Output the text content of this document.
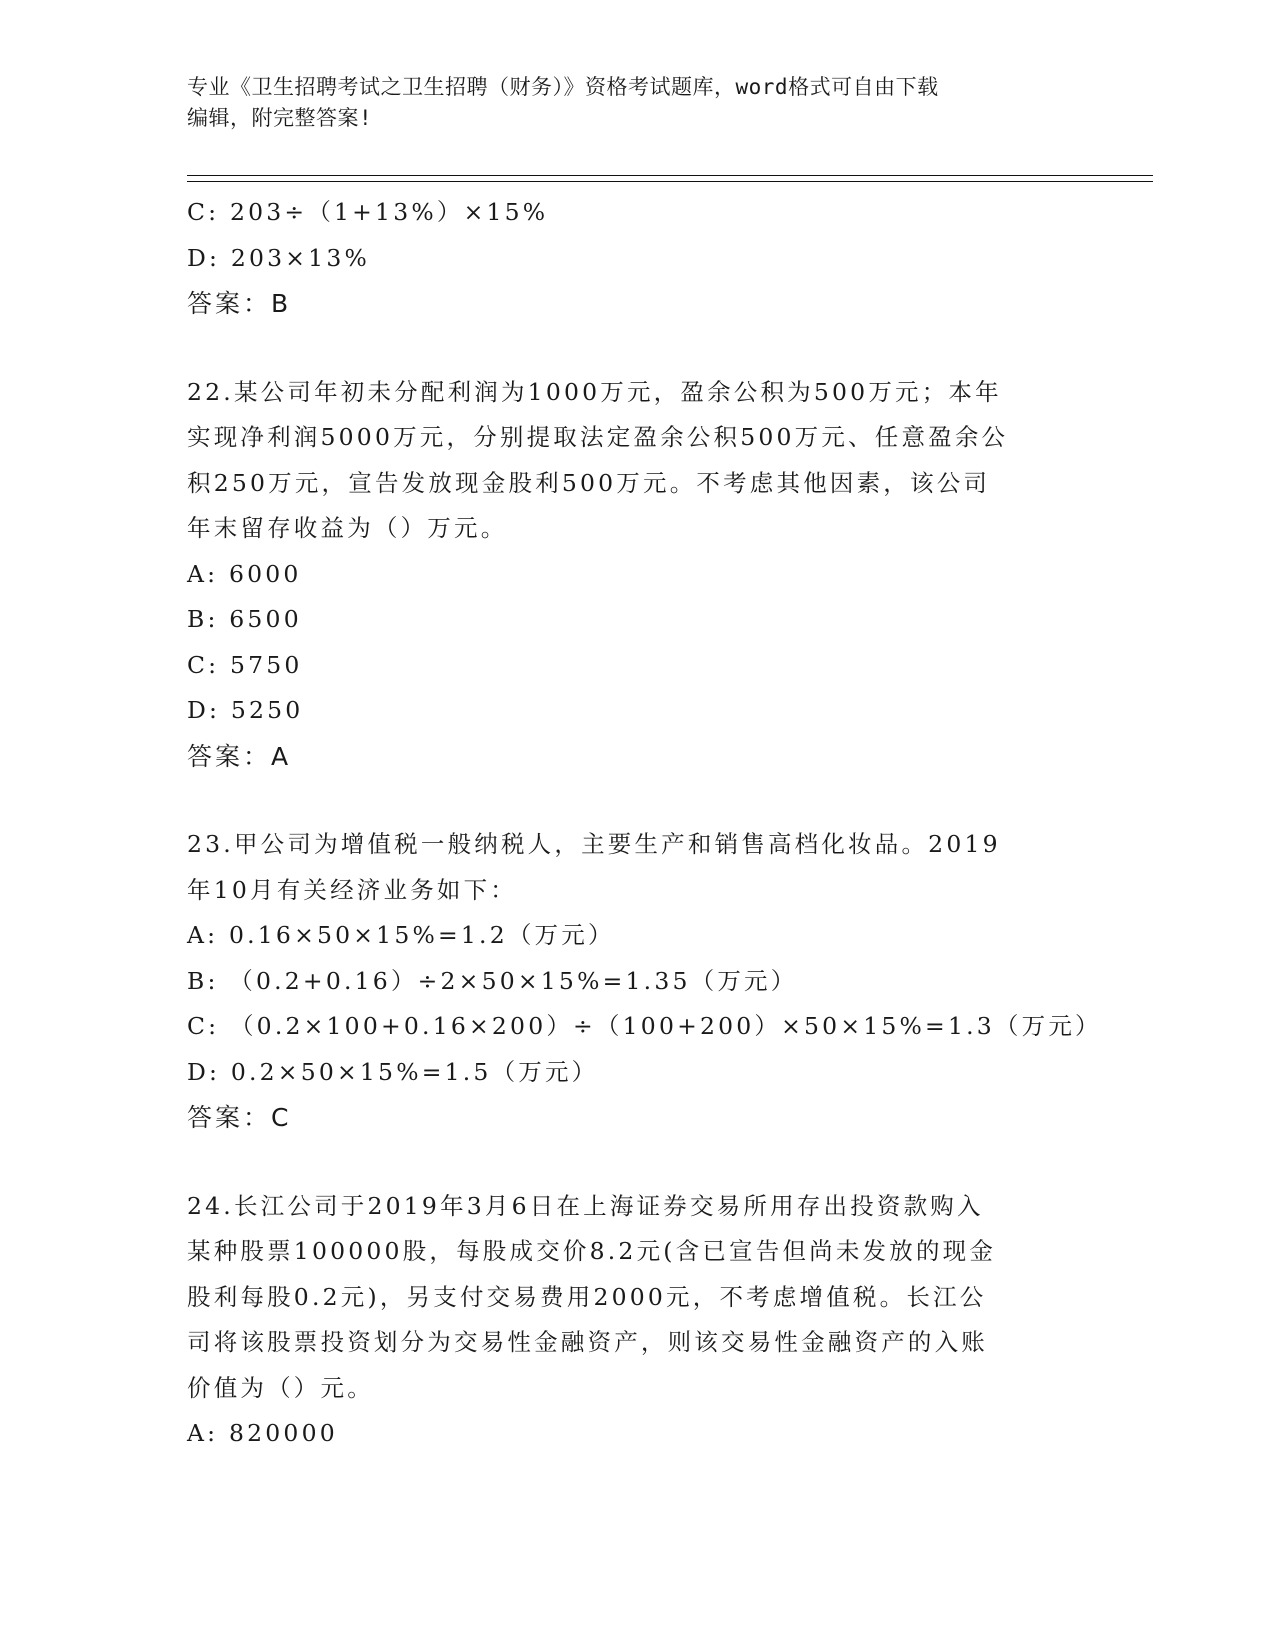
专业《卫生招聘考试之卫生招聘（财务）》资格考试题库，word格式可自由下载
编辑，附完整答案!
C: 203÷（1+13%）×15%
D: 203×13%
答案：B
22.某公司年初未分配利润为1000万元，盈余公积为500万元；本年
实现净利润5000万元，分别提取法定盈余公积500万元、任意盈余公
积250万元，宣告发放现金股利500万元。不考虑其他因素，该公司
年末留存收益为（）万元。
A: 6000
B: 6500
C: 5750
D: 5250
答案：A
23.甲公司为增值税一般纳税人，主要生产和销售高档化妆品。2019
年10月有关经济业务如下：
A: 0.16×50×15%=1.2（万元）
B: （0.2+0.16）÷2×50×15%=1.35（万元）
C: （0.2×100+0.16×200）÷（100+200）×50×15%=1.3（万元）
D: 0.2×50×15%=1.5（万元）
答案：C
24.长江公司于2019年3月6日在上海证券交易所用存出投资款购入
某种股票100000股，每股成交价8.2元(含已宣告但尚未发放的现金
股利每股0.2元)，另支付交易费用2000元，不考虑增值税。长江公
司将该股票投资划分为交易性金融资产，则该交易性金融资产的入账
价值为（）元。
A: 820000
